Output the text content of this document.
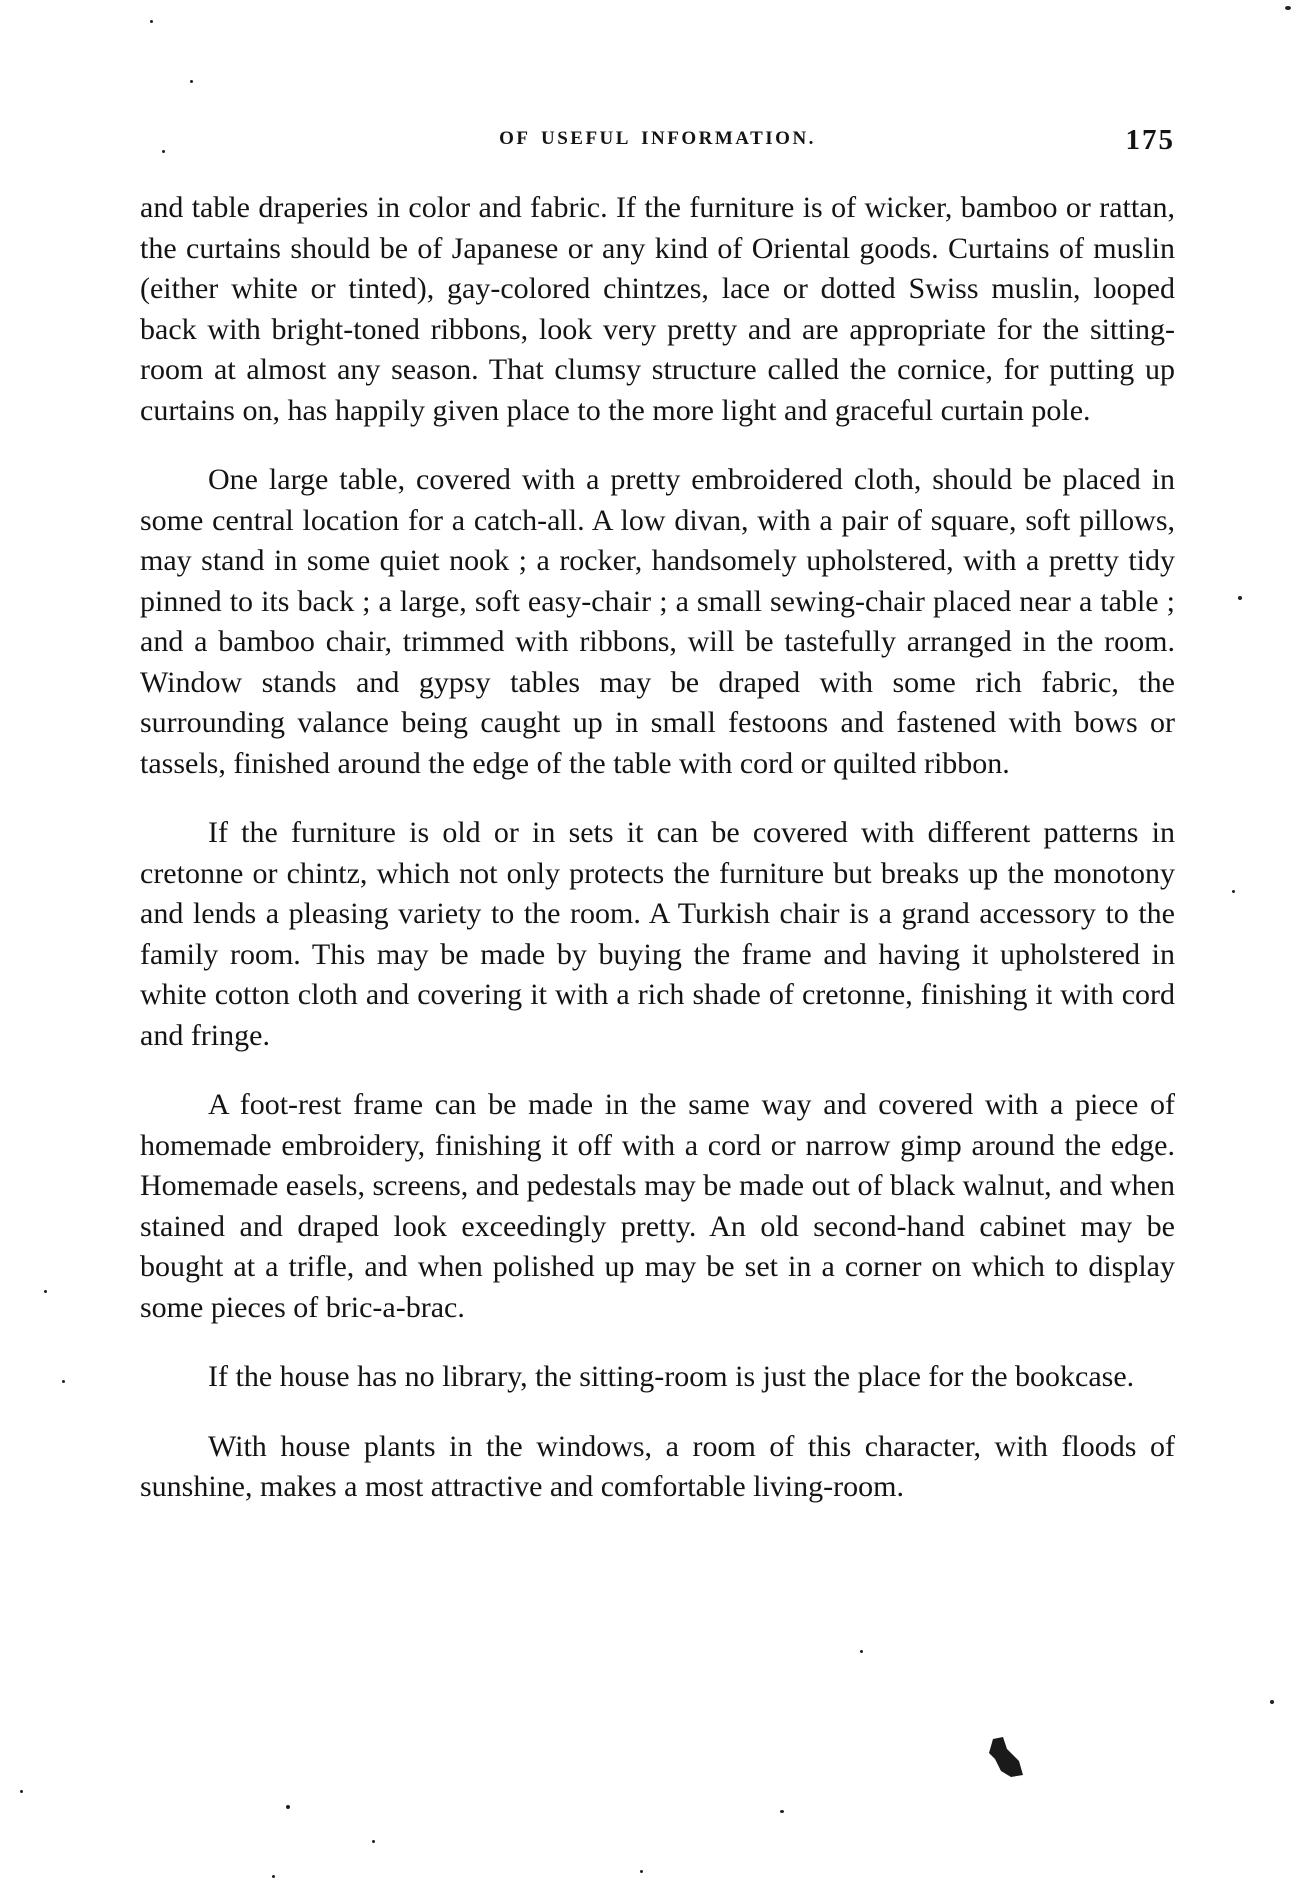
OF USEFUL INFORMATION.	175

and table draperies in color and fabric. If the furniture is of wicker, bamboo or rattan, the curtains should be of Japanese or any kind of Oriental goods. Curtains of muslin (either white or tinted), gay-colored chintzes, lace or dotted Swiss muslin, looped back with bright-toned ribbons, look very pretty and are appropriate for the sitting-room at almost any season. That clumsy structure called the cornice, for putting up curtains on, has happily given place to the more light and graceful curtain pole.

One large table, covered with a pretty embroidered cloth, should be placed in some central location for a catch-all. A low divan, with a pair of square, soft pillows, may stand in some quiet nook ; a rocker, handsomely upholstered, with a pretty tidy pinned to its back ; a large, soft easy-chair ; a small sewing-chair placed near a table ; and a bamboo chair, trimmed with ribbons, will be tastefully arranged in the room. Window stands and gypsy tables may be draped with some rich fabric, the surrounding valance being caught up in small festoons and fastened with bows or tassels, finished around the edge of the table with cord or quilted ribbon.

If the furniture is old or in sets it can be covered with different patterns in cretonne or chintz, which not only protects the furniture but breaks up the monotony and lends a pleasing variety to the room. A Turkish chair is a grand accessory to the family room. This may be made by buying the frame and having it upholstered in white cotton cloth and covering it with a rich shade of cretonne, finishing it with cord and fringe.

A foot-rest frame can be made in the same way and covered with a piece of homemade embroidery, finishing it off with a cord or narrow gimp around the edge. Homemade easels, screens, and pedestals may be made out of black walnut, and when stained and draped look exceedingly pretty. An old second-hand cabinet may be bought at a trifle, and when polished up may be set in a corner on which to display some pieces of bric-a-brac.

If the house has no library, the sitting-room is just the place for the bookcase.

With house plants in the windows, a room of this character, with floods of sunshine, makes a most attractive and comfortable living-room.
